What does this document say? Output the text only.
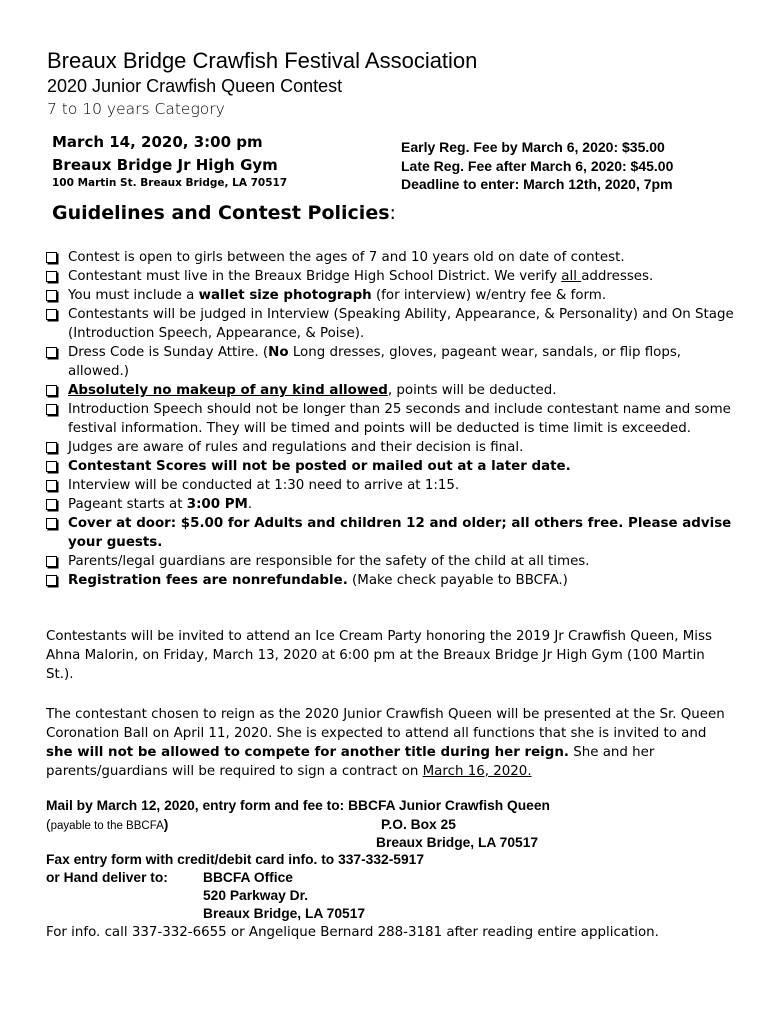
Breaux Bridge Crawfish Festival Association
2020 Junior Crawfish Queen Contest
7 to 10 years Category
March 14, 2020, 3:00 pm
Breaux Bridge Jr High Gym
100 Martin St. Breaux Bridge, LA 70517
Early Reg. Fee by March 6, 2020: $35.00
Late Reg. Fee after March 6, 2020: $45.00
Deadline to enter: March 12th, 2020, 7pm
Guidelines and Contest Policies:
Contest is open to girls between the ages of 7 and 10 years old on date of contest.
Contestant must live in the Breaux Bridge High School District. We verify all addresses.
You must include a wallet size photograph (for interview) w/entry fee & form.
Contestants will be judged in Interview (Speaking Ability, Appearance, & Personality) and On Stage (Introduction Speech, Appearance, & Poise).
Dress Code is Sunday Attire. (No Long dresses, gloves, pageant wear, sandals, or flip flops, allowed.)
Absolutely no makeup of any kind allowed, points will be deducted.
Introduction Speech should not be longer than 25 seconds and include contestant name and some festival information. They will be timed and points will be deducted is time limit is exceeded.
Judges are aware of rules and regulations and their decision is final.
Contestant Scores will not be posted or mailed out at a later date.
Interview will be conducted at 1:30 need to arrive at 1:15.
Pageant starts at 3:00 PM.
Cover at door: $5.00 for Adults and children 12 and older; all others free. Please advise your guests.
Parents/legal guardians are responsible for the safety of the child at all times.
Registration fees are nonrefundable. (Make check payable to BBCFA.)
Contestants will be invited to attend an Ice Cream Party honoring the 2019 Jr Crawfish Queen, Miss Ahna Malorin, on Friday, March 13, 2020 at 6:00 pm at the Breaux Bridge Jr High Gym (100 Martin St.).
The contestant chosen to reign as the 2020 Junior Crawfish Queen will be presented at the Sr. Queen Coronation Ball on April 11, 2020. She is expected to attend all functions that she is invited to and she will not be allowed to compete for another title during her reign. She and her parents/guardians will be required to sign a contract on March 16, 2020.
Mail by March 12, 2020, entry form and fee to: BBCFA Junior Crawfish Queen
(payable to the BBCFA)	P.O. Box 25
Breaux Bridge, LA 70517
Fax entry form with credit/debit card info. to 337-332-5917
or Hand deliver to:	BBCFA Office
520 Parkway Dr.
Breaux Bridge, LA 70517
For info. call 337-332-6655 or Angelique Bernard 288-3181 after reading entire application.
